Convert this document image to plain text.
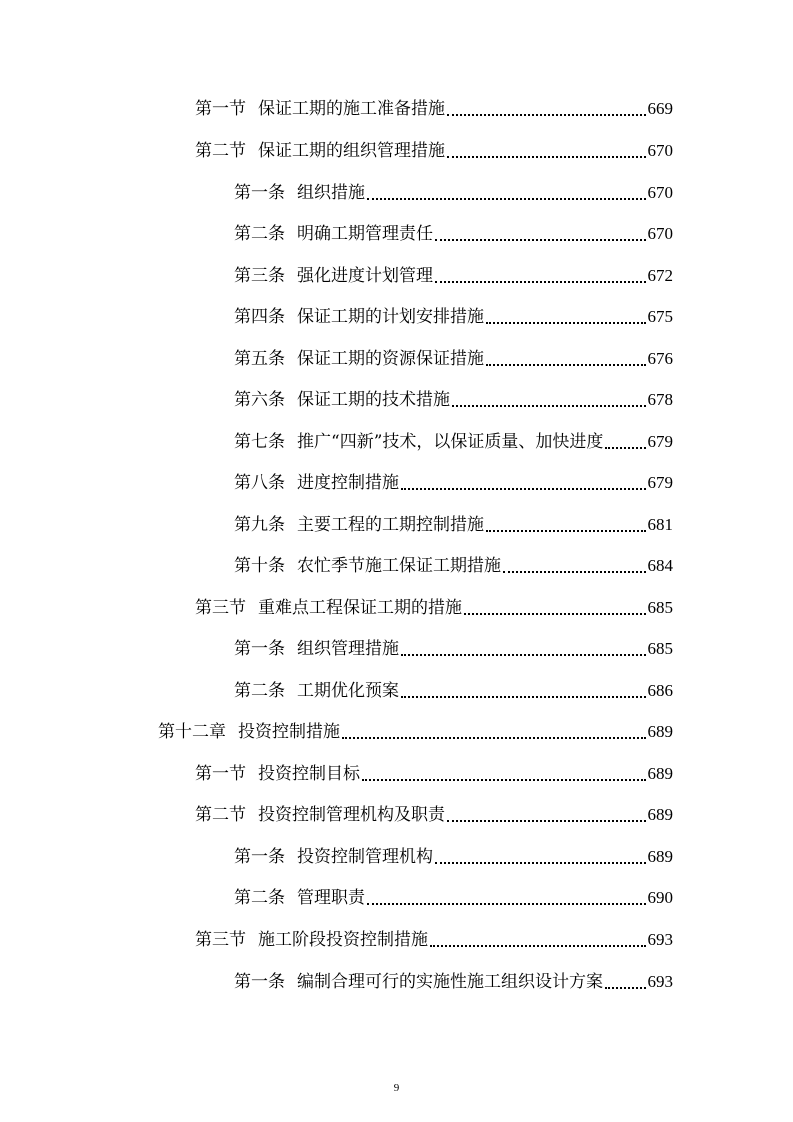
第一节 保证工期的施工准备措施	669
第二节 保证工期的组织管理措施	670
第一条 组织措施	670
第二条 明确工期管理责任	670
第三条 强化进度计划管理	672
第四条 保证工期的计划安排措施	675
第五条 保证工期的资源保证措施	676
第六条 保证工期的技术措施	678
第七条 推广“四新”技术，以保证质量、加快进度	679
第八条 进度控制措施	679
第九条 主要工程的工期控制措施	681
第十条 农忙季节施工保证工期措施	684
第三节 重难点工程保证工期的措施	685
第一条 组织管理措施	685
第二条 工期优化预案	686
第十二章 投资控制措施	689
第一节 投资控制目标	689
第二节 投资控制管理机构及职责	689
第一条 投资控制管理机构	689
第二条 管理职责	690
第三节 施工阶段投资控制措施	693
第一条 编制合理可行的实施性施工组织设计方案	693
9
